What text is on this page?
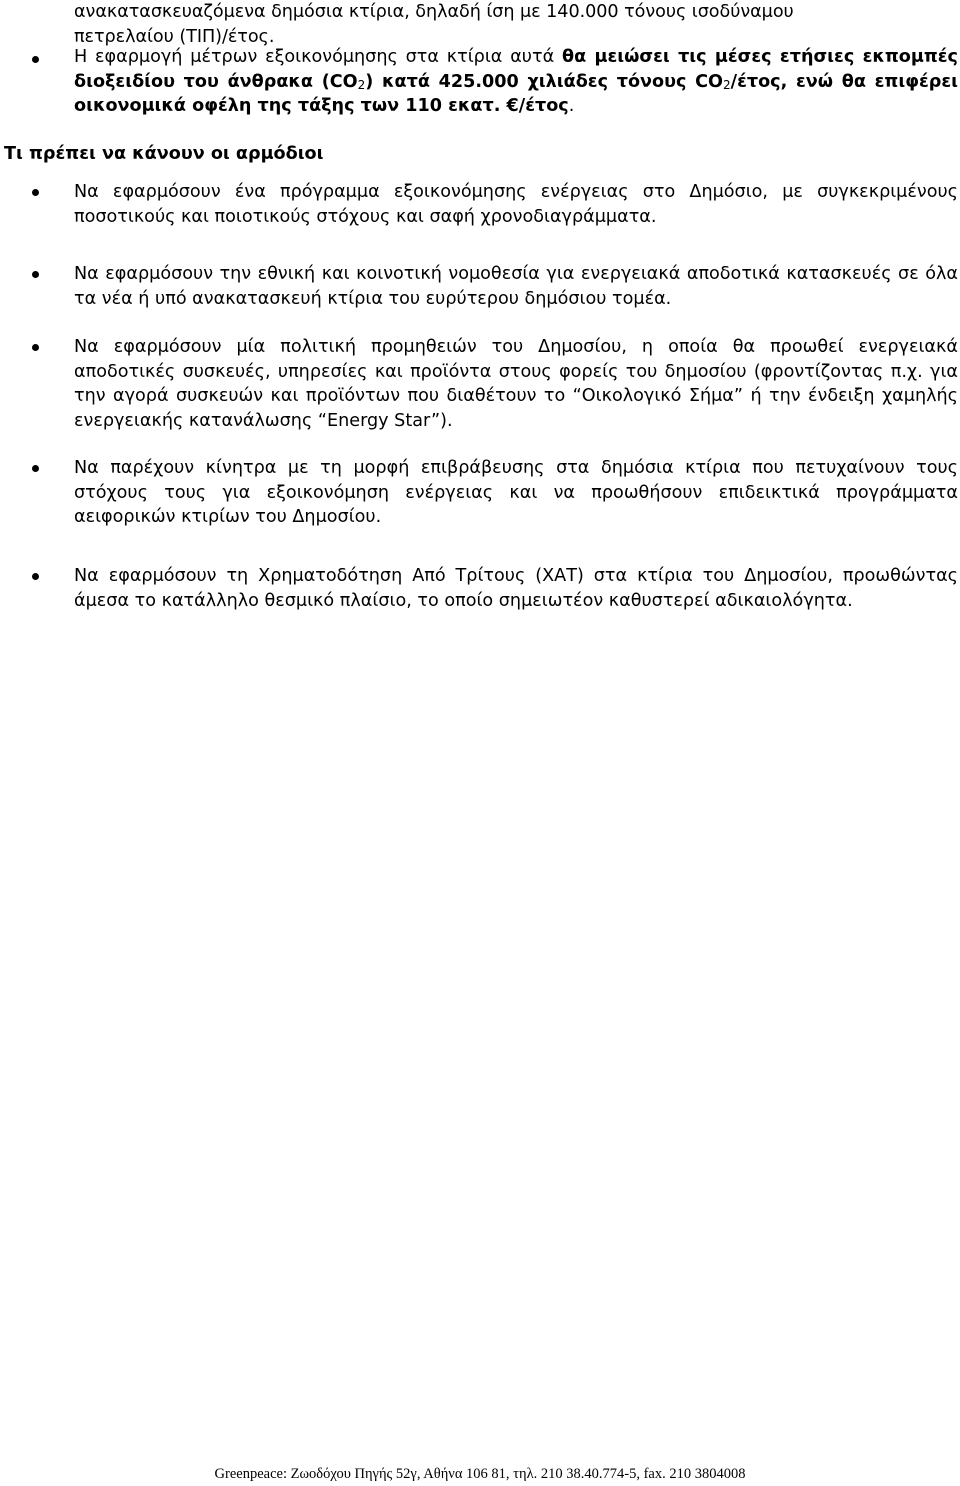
ανακατασκευαζόμενα δημόσια κτίρια, δηλαδή ίση με 140.000 τόνους ισοδύναμου
πετρελαίου (ΤΙΠ)/έτος.

Η εφαρμογή μέτρων εξοικονόμησης στα κτίρια αυτά θα μειώσει τις μέσες ετήσιες εκπομπές διοξειδίου του άνθρακα $(CO_2)$ κατά 425.000 χιλιάδες τόνους $CO_2$/έτος, ενώ θα επιφέρει οικονομικά οφέλη της τάξης των 110 εκατ. €/έτος.

Τι πρέπει να κάνουν οι αρμόδιοι

Να εφαρμόσουν ένα πρόγραμμα εξοικονόμησης ενέργειας στο Δημόσιο, με συγκεκριμένους ποσοτικούς και ποιοτικούς στόχους και σαφή χρονοδιαγράμματα.

Να εφαρμόσουν την εθνική και κοινοτική νομοθεσία για ενεργειακά αποδοτικά κατασκευές σε όλα τα νέα ή υπό ανακατασκευή κτίρια του ευρύτερου δημόσιου τομέα.

Να εφαρμόσουν μία πολιτική προμηθειών του Δημοσίου, η οποία θα προωθεί ενεργειακά αποδοτικές συσκευές, υπηρεσίες και προϊόντα στους φορείς του δημοσίου (φροντίζοντας π.χ. για την αγορά συσκευών και προϊόντων που διαθέτουν το “Οικολογικό Σήμα” ή την ένδειξη χαμηλής ενεργειακής κατανάλωσης “Energy Star”).

Να παρέχουν κίνητρα με τη μορφή επιβράβευσης στα δημόσια κτίρια που πετυχαίνουν τους στόχους τους για εξοικονόμηση ενέργειας και να προωθήσουν επιδεικτικά προγράμματα αειφορικών κτιρίων του Δημοσίου.

Να εφαρμόσουν τη Χρηματοδότηση Από Τρίτους (ΧΑΤ) στα κτίρια του Δημοσίου, προωθώντας άμεσα το κατάλληλο θεσμικό πλαίσιο, το οποίο σημειωτέον καθυστερεί αδικαιολόγητα.

Greenpeace: Ζωοδόχου Πηγής 52γ, Αθήνα 106 81, τηλ. 210 38.40.774-5, fax. 210 3804008
